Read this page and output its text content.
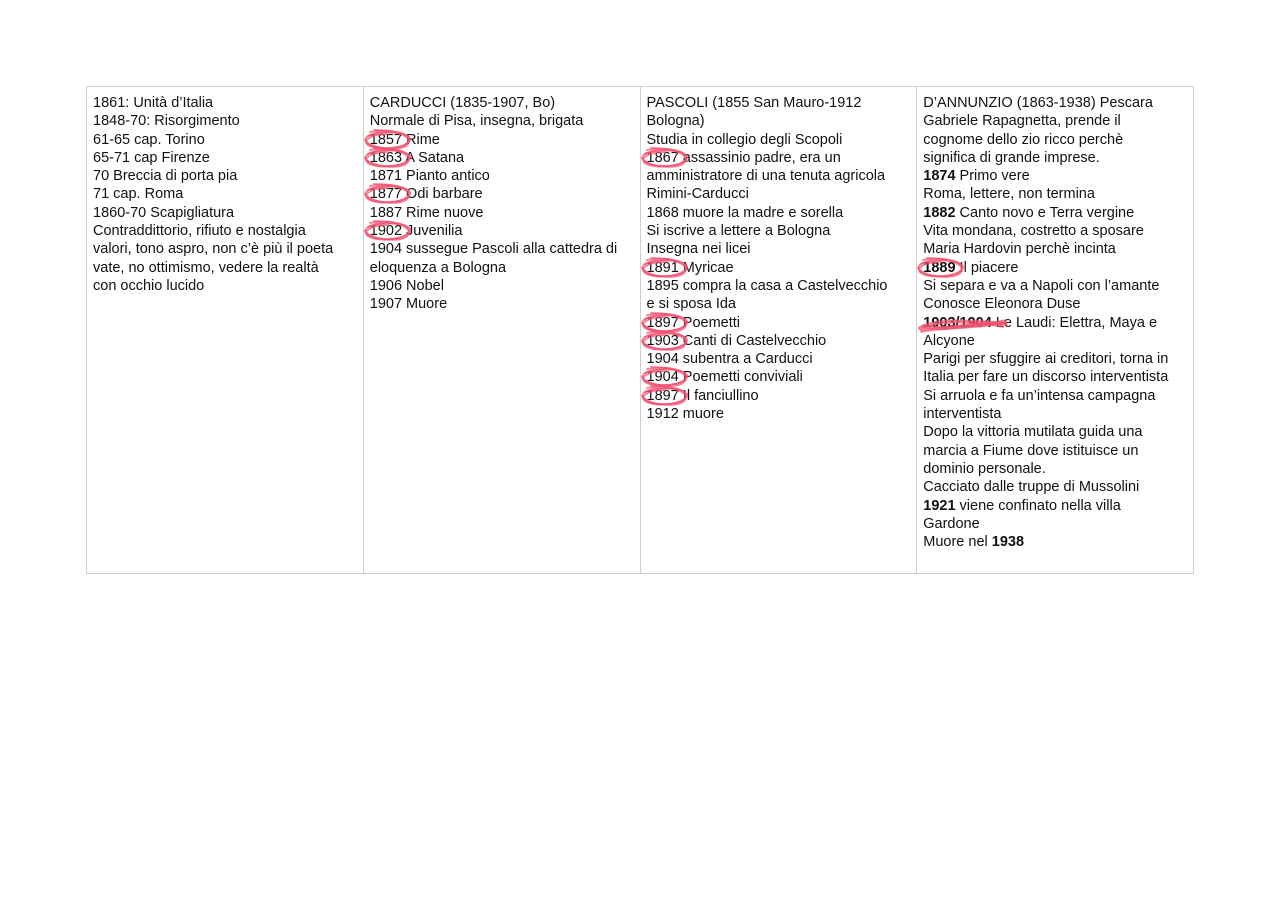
1861: Unità d’Italia
1848-70: Risorgimento
61-65 cap. Torino
65-71 cap Firenze
70 Breccia di porta pia
71 cap. Roma
1860-70 Scapigliatura
Contraddittorio, rifiuto e nostalgia
valori, tono aspro, non c’è più il poeta
vate, no ottimismo, vedere la realtà
con occhio lucido
CARDUCCI (1835-1907, Bo)
Normale di Pisa, insegna, brigata
1857 Rime
1863 A Satana
1871 Pianto antico
1877 Odi barbare
1887 Rime nuove
1902 Juvenilia
1904 sussegue Pascoli alla cattedra di
eloquenza a Bologna
1906 Nobel
1907 Muore
PASCOLI (1855 San Mauro-1912
Bologna)
Studia in collegio degli Scopoli
1867 assassinio padre, era un
amministratore di una tenuta agricola
Rimini-Carducci
1868 muore la madre e sorella
Si iscrive a lettere a Bologna
Insegna nei licei
1891 Myricae
1895 compra la casa a Castelvecchio
e si sposa Ida
1897 Poemetti
1903 Canti di Castelvecchio
1904 subentra a Carducci
1904 Poemetti conviviali
1897 Il fanciullino
1912 muore
D’ANNUNZIO (1863-1938) Pescara
Gabriele Rapagnetta, prende il
cognome dello zio ricco perchè
significa di grande imprese.
1874 Primo vere
Roma, lettere, non termina
1882 Canto novo e Terra vergine
Vita mondana, costretto a sposare
Maria Hardovin perchè incinta
1889 Il piacere
Si separa e va a Napoli con l’amante
Conosce Eleonora Duse
1903/1904 Le Laudi: Elettra, Maya e
Alcyone
Parigi per sfuggire ai creditori, torna in
Italia per fare un discorso interventista
Si arruola e fa un’intensa campagna
interventista
Dopo la vittoria mutilata guida una
marcia a Fiume dove istituisce un
dominio personale.
Cacciato dalle truppe di Mussolini
1921 viene confinato nella villa
Gardone
Muore nel 1938
